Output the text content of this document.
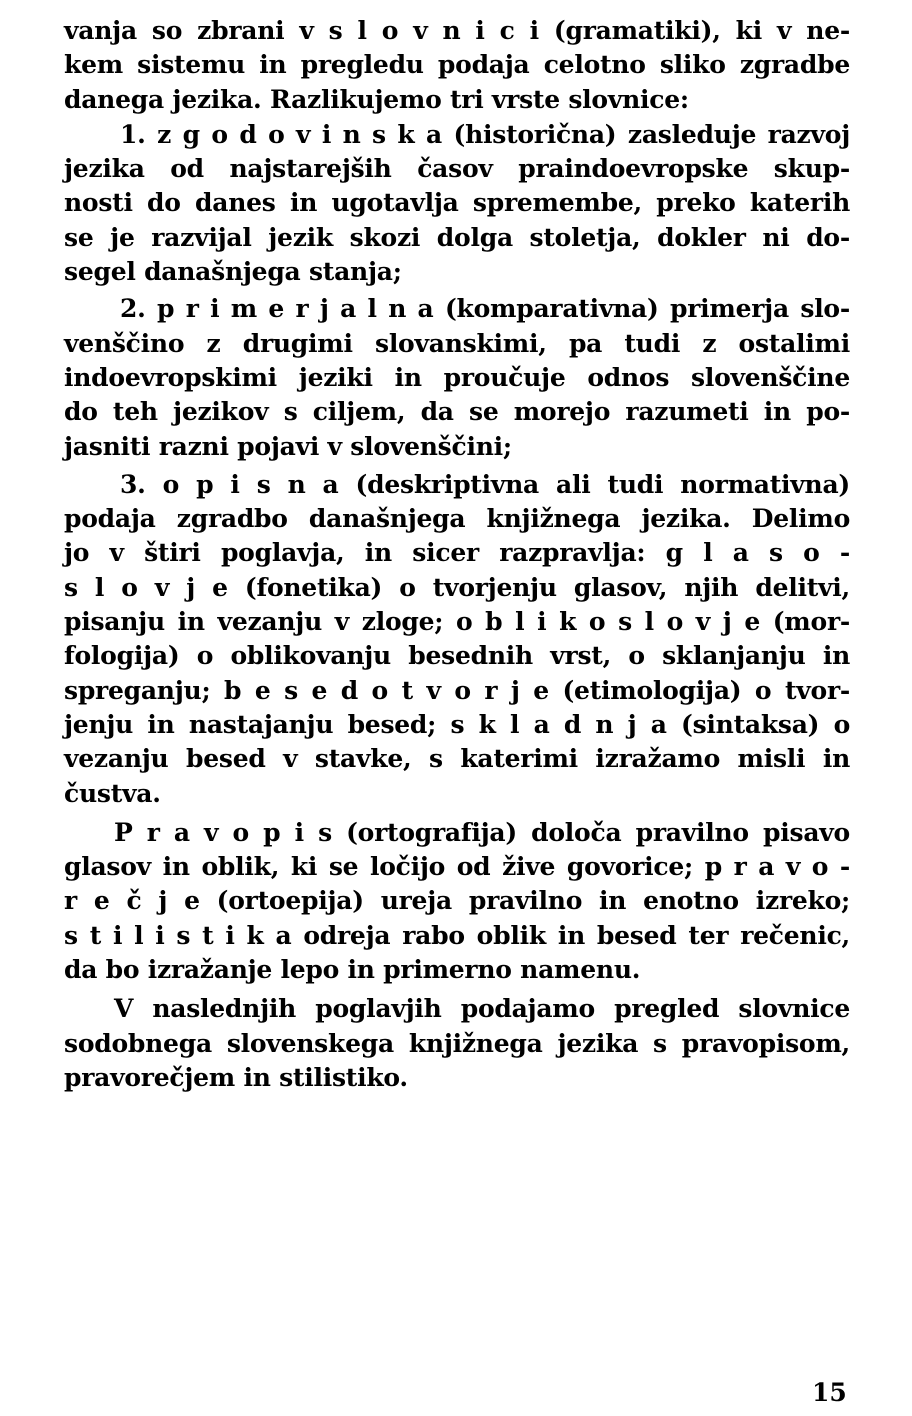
vanja so zbrani v s l o v n i c i (gramatiki), ki v ne-
kem sistemu in pregledu podaja celotno sliko zgradbe
danega jezika. Razlikujemo tri vrste slovnice:
1. z g o d o v i n s k a (historična) zasleduje razvoj
jezika od najstarejših časov praindoevropske skup-
nosti do danes in ugotavlja spremembe, preko katerih
se je razvijal jezik skozi dolga stoletja, dokler ni do-
segel današnjega stanja;
2. p r i m e r j a l n a (komparativna) primerja slo-
venščino z drugimi slovanskimi, pa tudi z ostalimi
indoevropskimi jeziki in proučuje odnos slovenščine
do teh jezikov s ciljem, da se morejo razumeti in po-
jasniti razni pojavi v slovenščini;
3. o p i s n a (deskriptivna ali tudi normativna)
podaja zgradbo današnjega knjižnega jezika. Delimo
jo v štiri poglavja, in sicer razpravlja: g l a s o -
s l o v j e (fonetika) o tvorjenju glasov, njih delitvi,
pisanju in vezanju v zloge; o b l i k o s l o v j e (mor-
fologija) o oblikovanju besednih vrst, o sklanjanju in
spreganju; b e s e d o t v o r j e (etimologija) o tvor-
jenju in nastajanju besed; s k l a d n j a (sintaksa) o
vezanju besed v stavke, s katerimi izražamo misli in
čustva.
P r a v o p i s (ortografija) določa pravilno pisavo
glasov in oblik, ki se ločijo od žive govorice; p r a v o -
r e č j e (ortoepija) ureja pravilno in enotno izreko;
s t i l i s t i k a odreja rabo oblik in besed ter rečenic,
da bo izražanje lepo in primerno namenu.
V naslednjih poglavjih podajamo pregled slovnice
sodobnega slovenskega knjižnega jezika s pravopisom,
pravorečjem in stilistiko.
15
